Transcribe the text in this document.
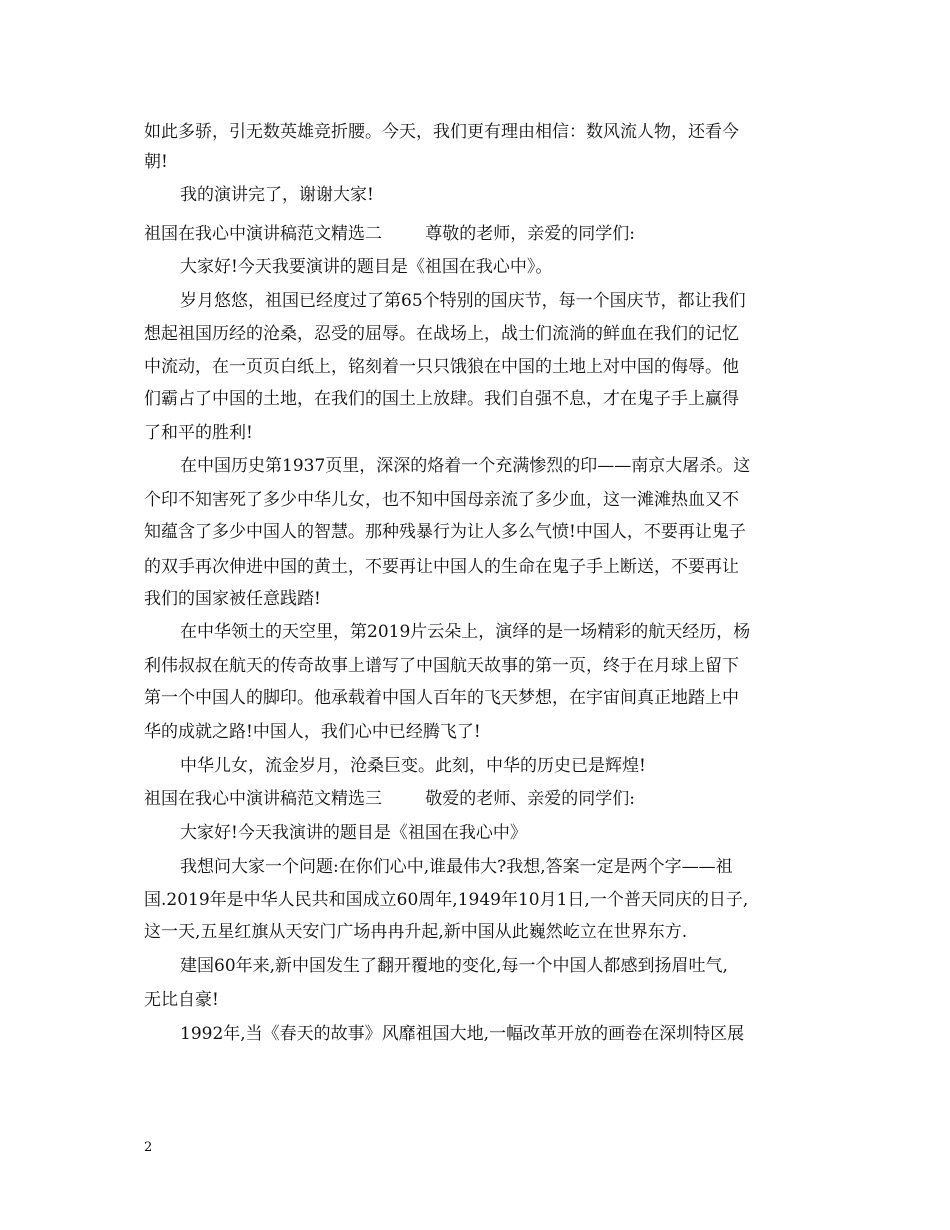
如此多骄，引无数英雄竞折腰。今天，我们更有理由相信：数风流人物，还看今
朝!
我的演讲完了，谢谢大家!
祖国在我心中演讲稿范文精选二        尊敬的老师，亲爱的同学们:
大家好!今天我要演讲的题目是《祖国在我心中》。
岁月悠悠，祖国已经度过了第65个特别的国庆节，每一个国庆节，都让我们
想起祖国历经的沧桑，忍受的屈辱。在战场上，战士们流淌的鲜血在我们的记忆
中流动，在一页页白纸上，铭刻着一只只饿狼在中国的土地上对中国的侮辱。他
们霸占了中国的土地，在我们的国土上放肆。我们自强不息，才在鬼子手上赢得
了和平的胜利!
在中国历史第1937页里，深深的烙着一个充满惨烈的印——南京大屠杀。这
个印不知害死了多少中华儿女，也不知中国母亲流了多少血，这一滩滩热血又不
知蕴含了多少中国人的智慧。那种残暴行为让人多么气愤!中国人，不要再让鬼子
的双手再次伸进中国的黄土，不要再让中国人的生命在鬼子手上断送，不要再让
我们的国家被任意践踏!
在中华领土的天空里，第2019片云朵上，演绎的是一场精彩的航天经历，杨
利伟叔叔在航天的传奇故事上谱写了中国航天故事的第一页，终于在月球上留下
第一个中国人的脚印。他承载着中国人百年的飞天梦想，在宇宙间真正地踏上中
华的成就之路!中国人，我们心中已经腾飞了!
中华儿女，流金岁月，沧桑巨变。此刻，中华的历史已是辉煌!
祖国在我心中演讲稿范文精选三        敬爱的老师、亲爱的同学们:
大家好!今天我演讲的题目是《祖国在我心中》
我想问大家一个问题:在你们心中,谁最伟大?我想,答案一定是两个字——祖
国.2019年是中华人民共和国成立60周年,1949年10月1日,一个普天同庆的日子,
这一天,五星红旗从天安门广场冉冉升起,新中国从此巍然屹立在世界东方.
建国60年来,新中国发生了翻开覆地的变化,每一个中国人都感到扬眉吐气,
无比自豪!
1992年,当《春天的故事》风靡祖国大地,一幅改革开放的画卷在深圳特区展
2
